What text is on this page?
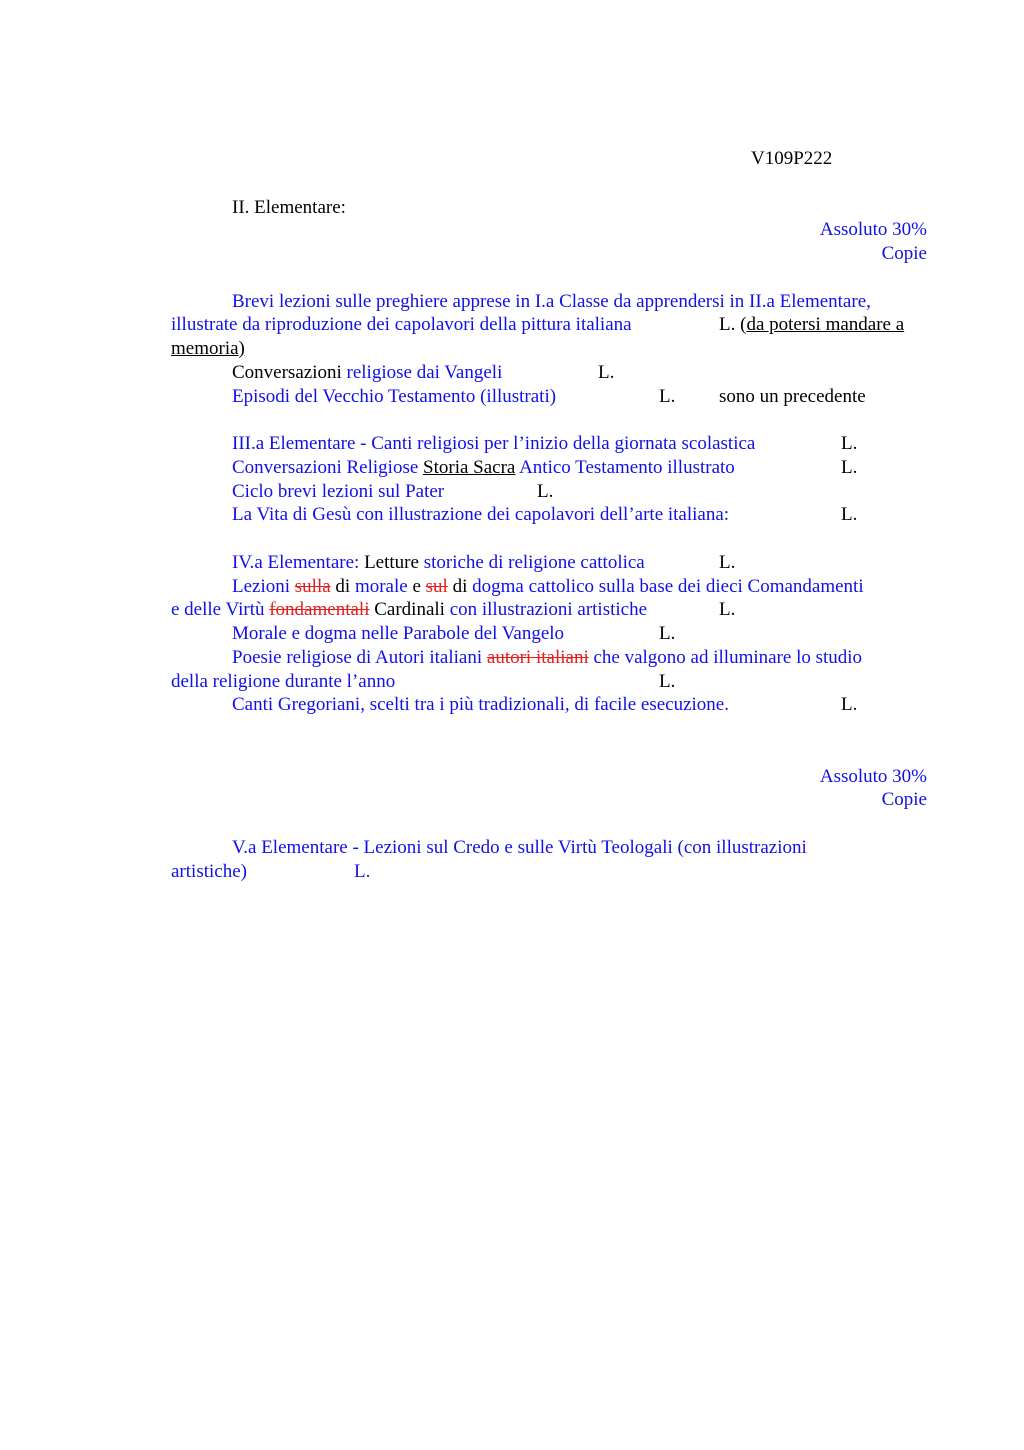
V109P222
II. Elementare:
Assoluto 30%
Copie
Brevi lezioni sulle preghiere apprese in I.a Classe da apprendersi in II.a Elementare,
illustrate da riproduzione dei capolavori della pittura italiana	L. (da potersi mandare a
memoria)
Conversazioni religiose dai Vangeli	L.
Episodi del Vecchio Testamento (illustrati)	L. sono un precedente
III.a Elementare - Canti religiosi per l’inizio della giornata scolastica	L.
Conversazioni Religiose Storia Sacra Antico Testamento illustrato	L.
Ciclo brevi lezioni sul Pater	L.
La Vita di Gesù con illustrazione dei capolavori dell’arte italiana:	L.
IV.a Elementare: Letture storiche di religione cattolica	L.
Lezioni sulla di morale e sul di dogma cattolico sulla base dei dieci Comandamenti
e delle Virtù fondamentali Cardinali con illustrazioni artistiche	L.
Morale e dogma nelle Parabole del Vangelo	L.
Poesie religiose di Autori italiani autori italiani che valgono ad illuminare lo studio
della religione durante l’anno	L.
Canti Gregoriani, scelti tra i più tradizionali, di facile esecuzione.	L.
Assoluto 30%
Copie
V.a Elementare - Lezioni sul Credo e sulle Virtù Teologali (con illustrazioni
artistiche)	L.
